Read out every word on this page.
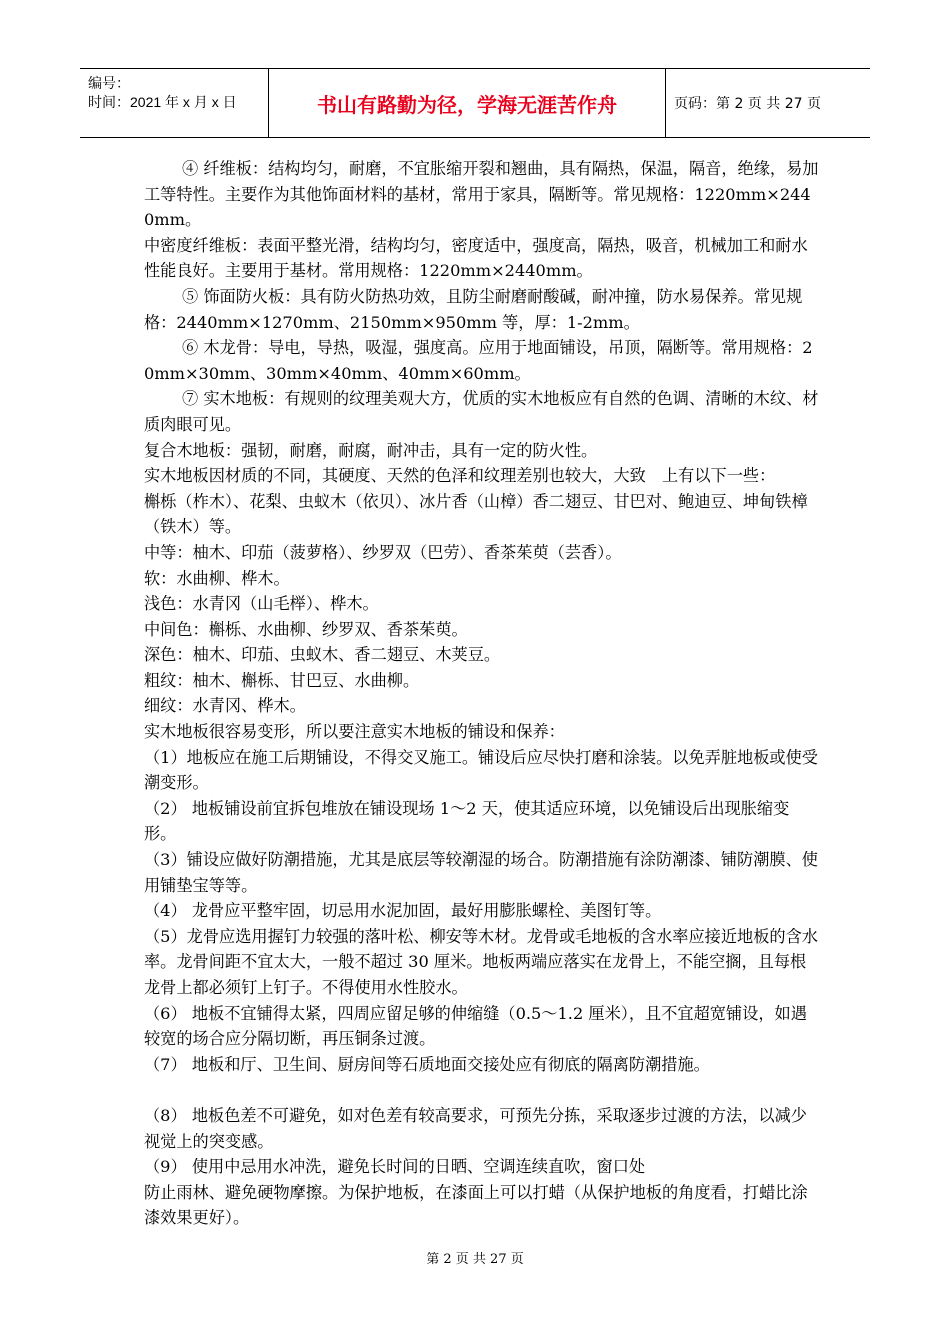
编号：
时间：2021 年 x 月 x 日	书山有路勤为径，学海无涯苦作舟	页码：第 2 页 共 27 页

④ 纤维板：结构均匀，耐磨，不宜胀缩开裂和翘曲，具有隔热，保温，隔音，绝缘，易加工等特性。主要作为其他饰面材料的基材，常用于家具，隔断等。常见规格：1220mm×2440mm。

中密度纤维板：表面平整光滑，结构均匀，密度适中，强度高，隔热，吸音，机械加工和耐水性能良好。主要用于基材。常用规格：1220mm×2440mm。

⑤ 饰面防火板：具有防火防热功效，且防尘耐磨耐酸碱，耐冲撞，防水易保养。常见规格：2440mm×1270mm、2150mm×950mm 等，厚：1-2mm。

⑥ 木龙骨：导电，导热，吸湿，强度高。应用于地面铺设，吊顶，隔断等。常用规格：20mm×30mm、30mm×40mm、40mm×60mm。

⑦ 实木地板：有规则的纹理美观大方，优质的实木地板应有自然的色调、清晰的木纹、材质肉眼可见。

复合木地板：强韧，耐磨，耐腐，耐冲击，具有一定的防火性。

实木地板因材质的不同，其硬度、天然的色泽和纹理差别也较大，大致　上有以下一些：

槲栎（柞木）、花梨、虫蚁木（依贝）、冰片香（山樟）香二翅豆、甘巴对、鲍迪豆、坤甸铁樟（铁木）等。

中等：柚木、印茄（菠萝格）、纱罗双（巴劳）、香茶茱萸（芸香）。

软：水曲柳、桦木。

浅色：水青冈（山毛榉）、桦木。

中间色：槲栎、水曲柳、纱罗双、香茶茱萸。

深色：柚木、印茄、虫蚁木、香二翅豆、木荚豆。

粗纹：柚木、槲栎、甘巴豆、水曲柳。

细纹：水青冈、桦木。

实木地板很容易变形，所以要注意实木地板的铺设和保养：

（1）地板应在施工后期铺设，不得交叉施工。铺设后应尽快打磨和涂装。以免弄脏地板或使受潮变形。

（2） 地板铺设前宜拆包堆放在铺设现场 1～2 天，使其适应环境，以免铺设后出现胀缩变形。

（3）铺设应做好防潮措施，尤其是底层等较潮湿的场合。防潮措施有涂防潮漆、铺防潮膜、使用铺垫宝等等。

（4） 龙骨应平整牢固，切忌用水泥加固，最好用膨胀螺栓、美图钉等。

（5）龙骨应选用握钉力较强的落叶松、柳安等木材。龙骨或毛地板的含水率应接近地板的含水率。龙骨间距不宜太大，一般不超过 30 厘米。地板两端应落实在龙骨上，不能空搁，且每根龙骨上都必须钉上钉子。不得使用水性胶水。

（6） 地板不宜铺得太紧，四周应留足够的伸缩缝（0.5～1.2 厘米），且不宜超宽铺设，如遇较宽的场合应分隔切断，再压铜条过渡。

（7） 地板和厅、卫生间、厨房间等石质地面交接处应有彻底的隔离防潮措施。

（8） 地板色差不可避免，如对色差有较高要求，可预先分拣，采取逐步过渡的方法，以减少视觉上的突变感。

（9） 使用中忌用水冲洗，避免长时间的日晒、空调连续直吹，窗口处

防止雨林、避免硬物摩擦。为保护地板，在漆面上可以打蜡（从保护地板的角度看，打蜡比涂漆效果更好）。

第 2 页 共 27 页
